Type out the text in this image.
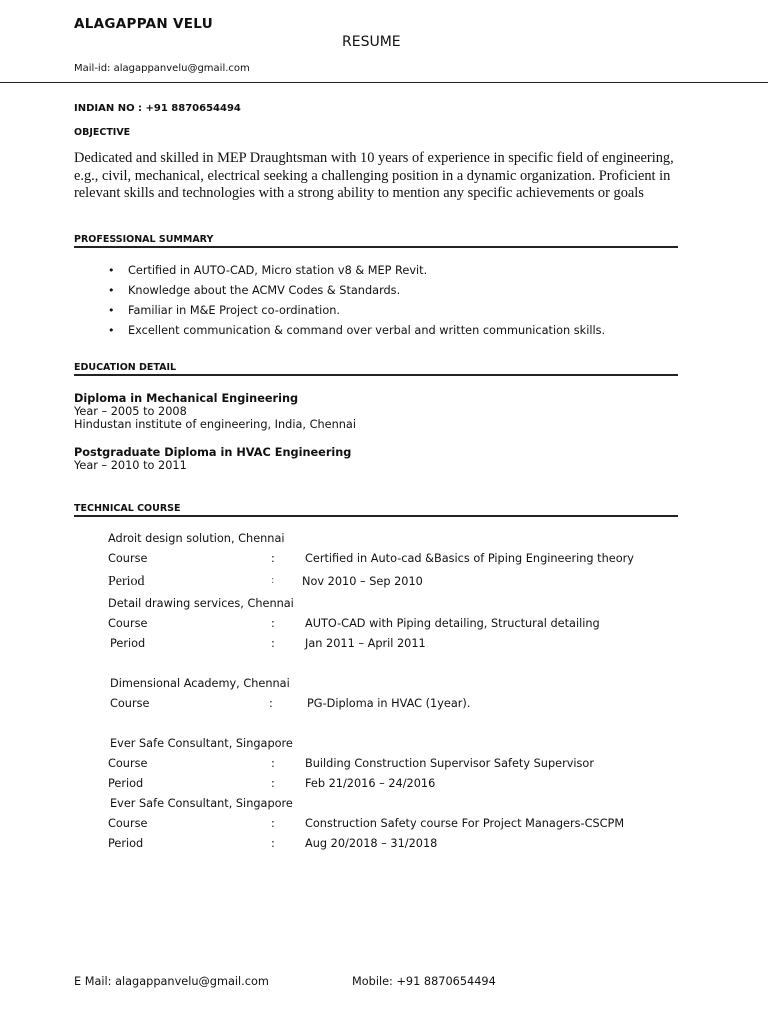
ALAGAPPAN VELU
RESUME
Mail-id: alagappanvelu@gmail.com
INDIAN NO : +91 8870654494
OBJECTIVE
Dedicated and skilled in MEP Draughtsman with 10 years of experience in specific field of engineering, e.g., civil, mechanical, electrical seeking a challenging position in a dynamic organization. Proficient in relevant skills and technologies with a strong ability to mention any specific achievements or goals
PROFESSIONAL SUMMARY
• Certified in AUTO-CAD, Micro station v8 & MEP Revit.
• Knowledge about the ACMV Codes & Standards.
• Familiar in M&E Project co-ordination.
• Excellent communication & command over verbal and written communication skills.
EDUCATION DETAIL
Diploma in Mechanical Engineering
Year – 2005 to 2008
Hindustan institute of engineering, India, Chennai
Postgraduate Diploma in HVAC Engineering
Year – 2010 to 2011
TECHNICAL COURSE
Adroit design solution, Chennai
Course	:	Certified in Auto-cad &Basics of Piping Engineering theory
Period	: Nov 2010 – Sep 2010
Detail drawing services, Chennai
Course	:	AUTO-CAD with Piping detailing, Structural detailing
Period	:	Jan 2011 – April 2011
Dimensional Academy, Chennai
Course	:	PG-Diploma in HVAC (1year).
Ever Safe Consultant, Singapore
Course	:	Building Construction Supervisor Safety Supervisor
Period	:	Feb 21/2016 – 24/2016
Ever Safe Consultant, Singapore
Course	:	Construction Safety course For Project Managers-CSCPM
Period	:	Aug 20/2018 – 31/2018
E Mail: alagappanvelu@gmail.com	Mobile: +91 8870654494
